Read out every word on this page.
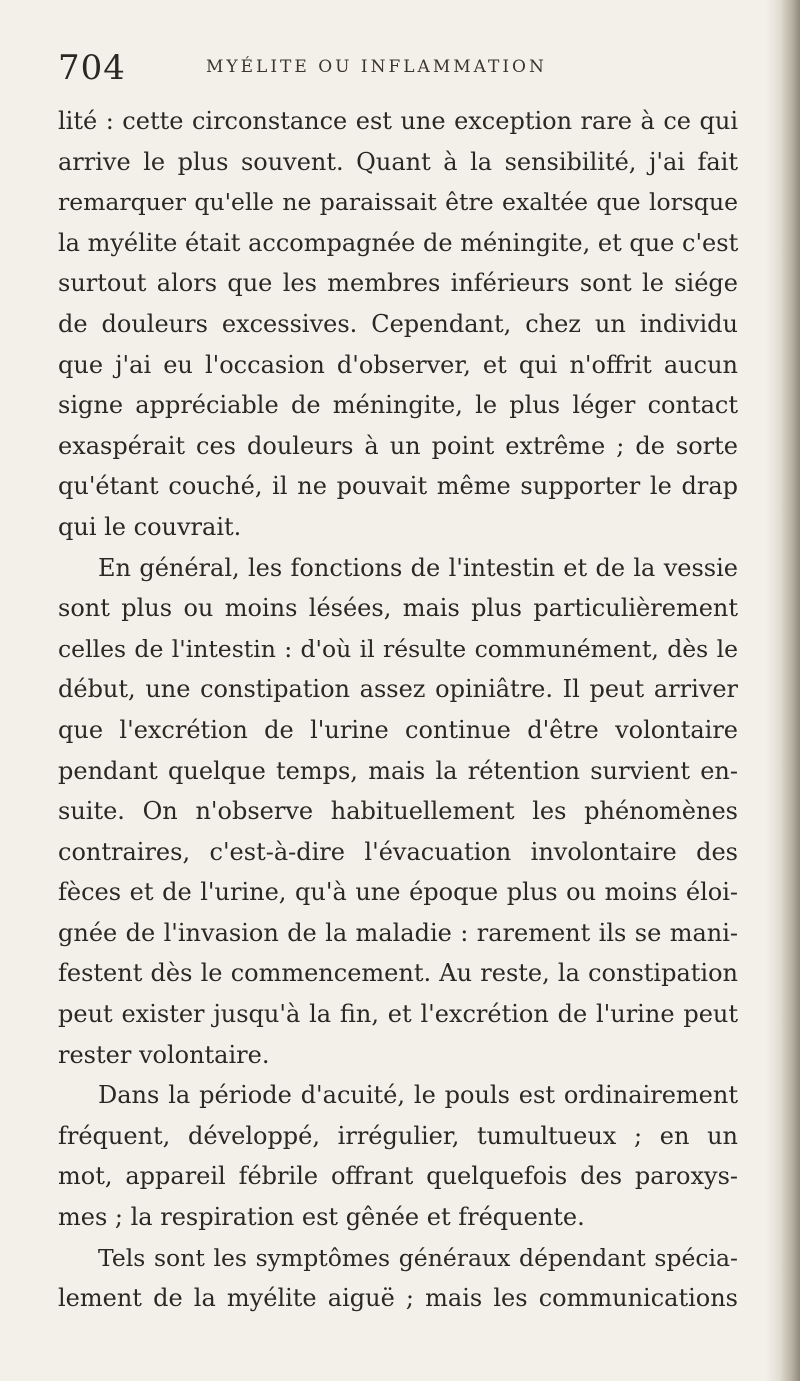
704	MYÉLITE OU INFLAMMATION
lité : cette circonstance est une exception rare à ce qui
arrive le plus souvent. Quant à la sensibilité, j'ai fait
remarquer qu'elle ne paraissait être exaltée que lorsque
la myélite était accompagnée de méningite, et que c'est
surtout alors que les membres inférieurs sont le siége
de douleurs excessives. Cependant, chez un individu
que j'ai eu l'occasion d'observer, et qui n'offrit aucun
signe appréciable de méningite, le plus léger contact
exaspérait ces douleurs à un point extrême ; de sorte
qu'étant couché, il ne pouvait même supporter le drap
qui le couvrait.
En général, les fonctions de l'intestin et de la vessie
sont plus ou moins lésées, mais plus particulièrement
celles de l'intestin : d'où il résulte communément, dès le
début, une constipation assez opiniâtre. Il peut arriver
que l'excrétion de l'urine continue d'être volontaire
pendant quelque temps, mais la rétention survient en-
suite. On n'observe habituellement les phénomènes
contraires, c'est-à-dire l'évacuation involontaire des
fèces et de l'urine, qu'à une époque plus ou moins éloi-
gnée de l'invasion de la maladie : rarement ils se mani-
festent dès le commencement. Au reste, la constipation
peut exister jusqu'à la fin, et l'excrétion de l'urine peut
rester volontaire.
Dans la période d'acuité, le pouls est ordinairement
fréquent, développé, irrégulier, tumultueux ; en un
mot, appareil fébrile offrant quelquefois des paroxys-
mes ; la respiration est gênée et fréquente.
Tels sont les symptômes généraux dépendant spécia-
lement de la myélite aiguë ; mais les communications
